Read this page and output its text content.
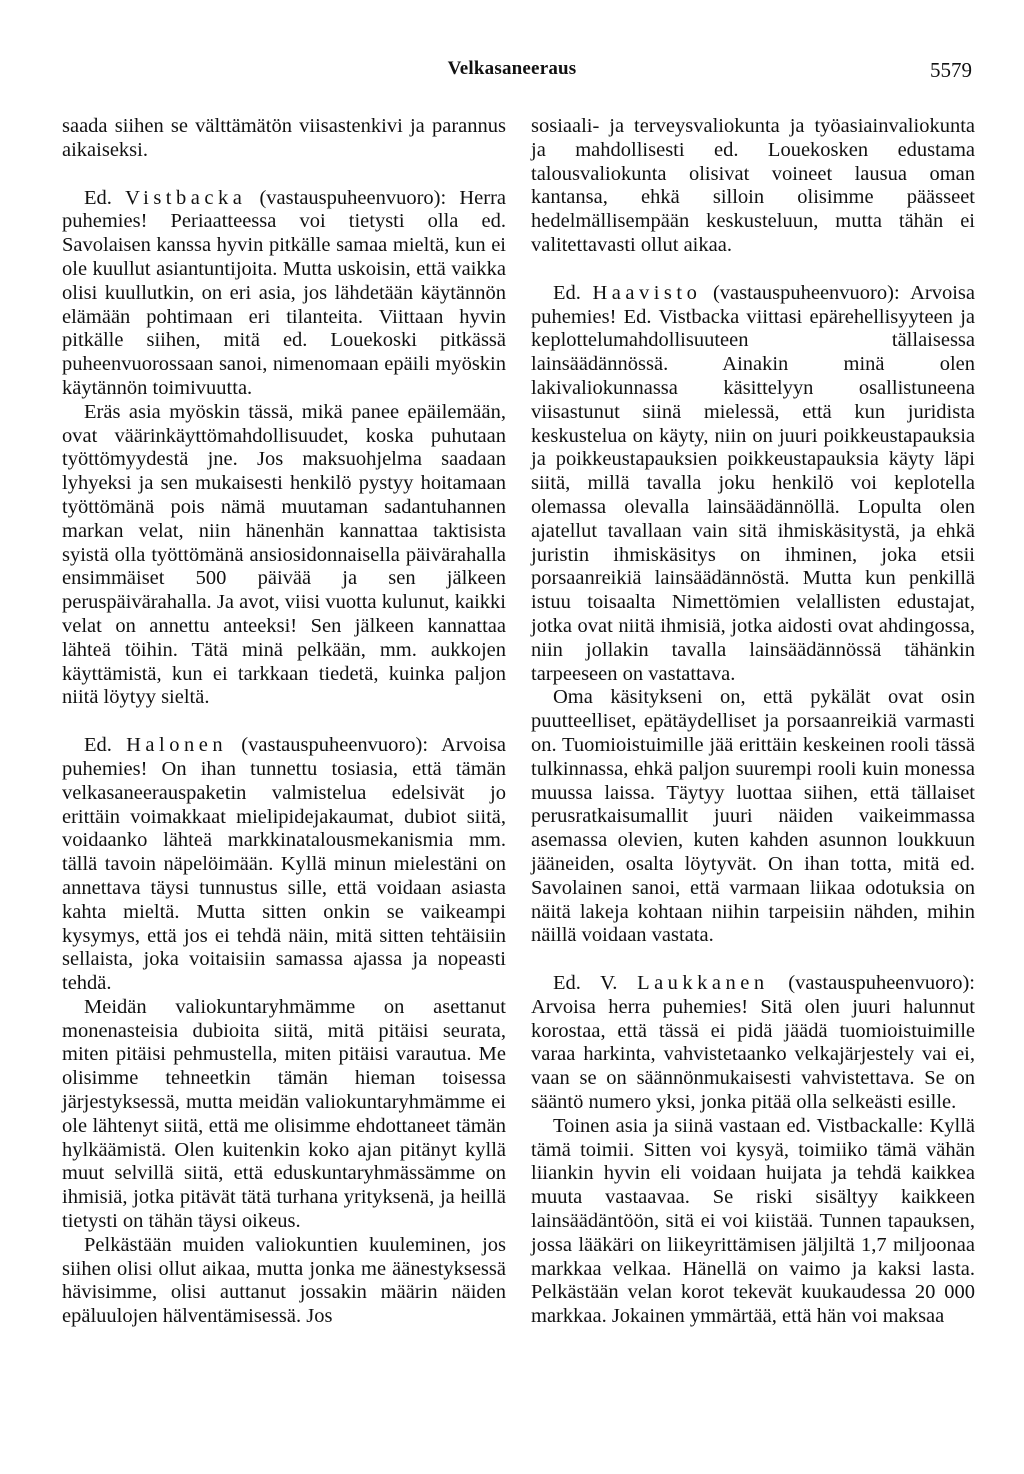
Velkasaneeraus	5579

saada siihen se välttämätön viisastenkivi ja parannus aikaiseksi.

Ed. Vistbacka (vastauspuheenvuoro): Herra puhemies! Periaatteessa voi tietysti olla ed. Savolaisen kanssa hyvin pitkälle samaa mieltä, kun ei ole kuullut asiantuntijoita. Mutta uskoisin, että vaikka olisi kuullutkin, on eri asia, jos lähdetään käytännön elämään pohtimaan eri tilanteita. Viittaan hyvin pitkälle siihen, mitä ed. Louekoski pitkässä puheenvuorossaan sanoi, nimenomaan epäili myöskin käytännön toimivuutta.

Eräs asia myöskin tässä, mikä panee epäilemään, ovat väärinkäyttömahdollisuudet, koska puhutaan työttömyydestä jne. Jos maksuohjelma saadaan lyhyeksi ja sen mukaisesti henkilö pystyy hoitamaan työttömänä pois nämä muutaman sadantuhannen markan velat, niin hänenhän kannattaa taktisista syistä olla työttömänä ansiosidonnaisella päivärahalla ensimmäiset 500 päivää ja sen jälkeen peruspäivärahalla. Ja avot, viisi vuotta kulunut, kaikki velat on annettu anteeksi! Sen jälkeen kannattaa lähteä töihin. Tätä minä pelkään, mm. aukkojen käyttämistä, kun ei tarkkaan tiedetä, kuinka paljon niitä löytyy sieltä.

Ed. Halonen (vastauspuheenvuoro): Arvoisa puhemies! On ihan tunnettu tosiasia, että tämän velkasaneerauspaketin valmistelua edelsivät jo erittäin voimakkaat mielipidejakaumat, dubiot siitä, voidaanko lähteä markkinatalousmekanismia mm. tällä tavoin näpelöimään. Kyllä minun mielestäni on annettava täysi tunnustus sille, että voidaan asiasta kahta mieltä. Mutta sitten onkin se vaikeampi kysymys, että jos ei tehdä näin, mitä sitten tehtäisiin sellaista, joka voitaisiin samassa ajassa ja nopeasti tehdä.

Meidän valiokuntaryhmämme on asettanut monenasteisia dubioita siitä, mitä pitäisi seurata, miten pitäisi pehmustella, miten pitäisi varautua. Me olisimme tehneetkin tämän hieman toisessa järjestyksessä, mutta meidän valiokuntaryhmämme ei ole lähtenyt siitä, että me olisimme ehdottaneet tämän hylkäämistä. Olen kuitenkin koko ajan pitänyt kyllä muut selvillä siitä, että eduskuntaryhmässämme on ihmisiä, jotka pitävät tätä turhana yrityksenä, ja heillä tietysti on tähän täysi oikeus.

Pelkästään muiden valiokuntien kuuleminen, jos siihen olisi ollut aikaa, mutta jonka me äänestyksessä hävisimme, olisi auttanut jossakin määrin näiden epäluulojen hälventämisessä. Jos

sosiaali- ja terveysvaliokunta ja työasiainvaliokunta ja mahdollisesti ed. Louekosken edustama talousvaliokunta olisivat voineet lausua oman kantansa, ehkä silloin olisimme päässeet hedelmällisempään keskusteluun, mutta tähän ei valitettavasti ollut aikaa.

Ed. Haavisto (vastauspuheenvuoro): Arvoisa puhemies! Ed. Vistbacka viittasi epärehellisyyteen ja keplottelumahdollisuuteen tällaisessa lainsäädännössä. Ainakin minä olen lakivaliokunnassa käsittelyyn osallistuneena viisastunut siinä mielessä, että kun juridista keskustelua on käyty, niin on juuri poikkeustapauksia ja poikkeustapauksien poikkeustapauksia käyty läpi siitä, millä tavalla joku henkilö voi keplotella olemassa olevalla lainsäädännöllä. Lopulta olen ajatellut tavallaan vain sitä ihmiskäsitystä, ja ehkä juristin ihmiskäsitys on ihminen, joka etsii porsaanreikiä lainsäädännöstä. Mutta kun penkillä istuu toisaalta Nimettömien velallisten edustajat, jotka ovat niitä ihmisiä, jotka aidosti ovat ahdingossa, niin jollakin tavalla lainsäädännössä tähänkin tarpeeseen on vastattava.

Oma käsitykseni on, että pykälät ovat osin puutteelliset, epätäydelliset ja porsaanreikiä varmasti on. Tuomioistuimille jää erittäin keskeinen rooli tässä tulkinnassa, ehkä paljon suurempi rooli kuin monessa muussa laissa. Täytyy luottaa siihen, että tällaiset perusratkaisumallit juuri näiden vaikeimmassa asemassa olevien, kuten kahden asunnon loukkuun jääneiden, osalta löytyvät. On ihan totta, mitä ed. Savolainen sanoi, että varmaan liikaa odotuksia on näitä lakeja kohtaan niihin tarpeisiin nähden, mihin näillä voidaan vastata.

Ed. V. Laukkanen (vastauspuheenvuoro): Arvoisa herra puhemies! Sitä olen juuri halunnut korostaa, että tässä ei pidä jäädä tuomioistuimille varaa harkinta, vahvistetaanko velkajärjestely vai ei, vaan se on säännönmukaisesti vahvistettava. Se on sääntö numero yksi, jonka pitää olla selkeästi esille.

Toinen asia ja siinä vastaan ed. Vistbackalle: Kyllä tämä toimii. Sitten voi kysyä, toimiiko tämä vähän liiankin hyvin eli voidaan huijata ja tehdä kaikkea muuta vastaavaa. Se riski sisältyy kaikkeen lainsäädäntöön, sitä ei voi kiistää. Tunnen tapauksen, jossa lääkäri on liikeyrittämisen jäljiltä 1,7 miljoonaa markkaa velkaa. Hänellä on vaimo ja kaksi lasta. Pelkästään velan korot tekevät kuukaudessa 20 000 markkaa. Jokainen ymmärtää, että hän voi maksaa
